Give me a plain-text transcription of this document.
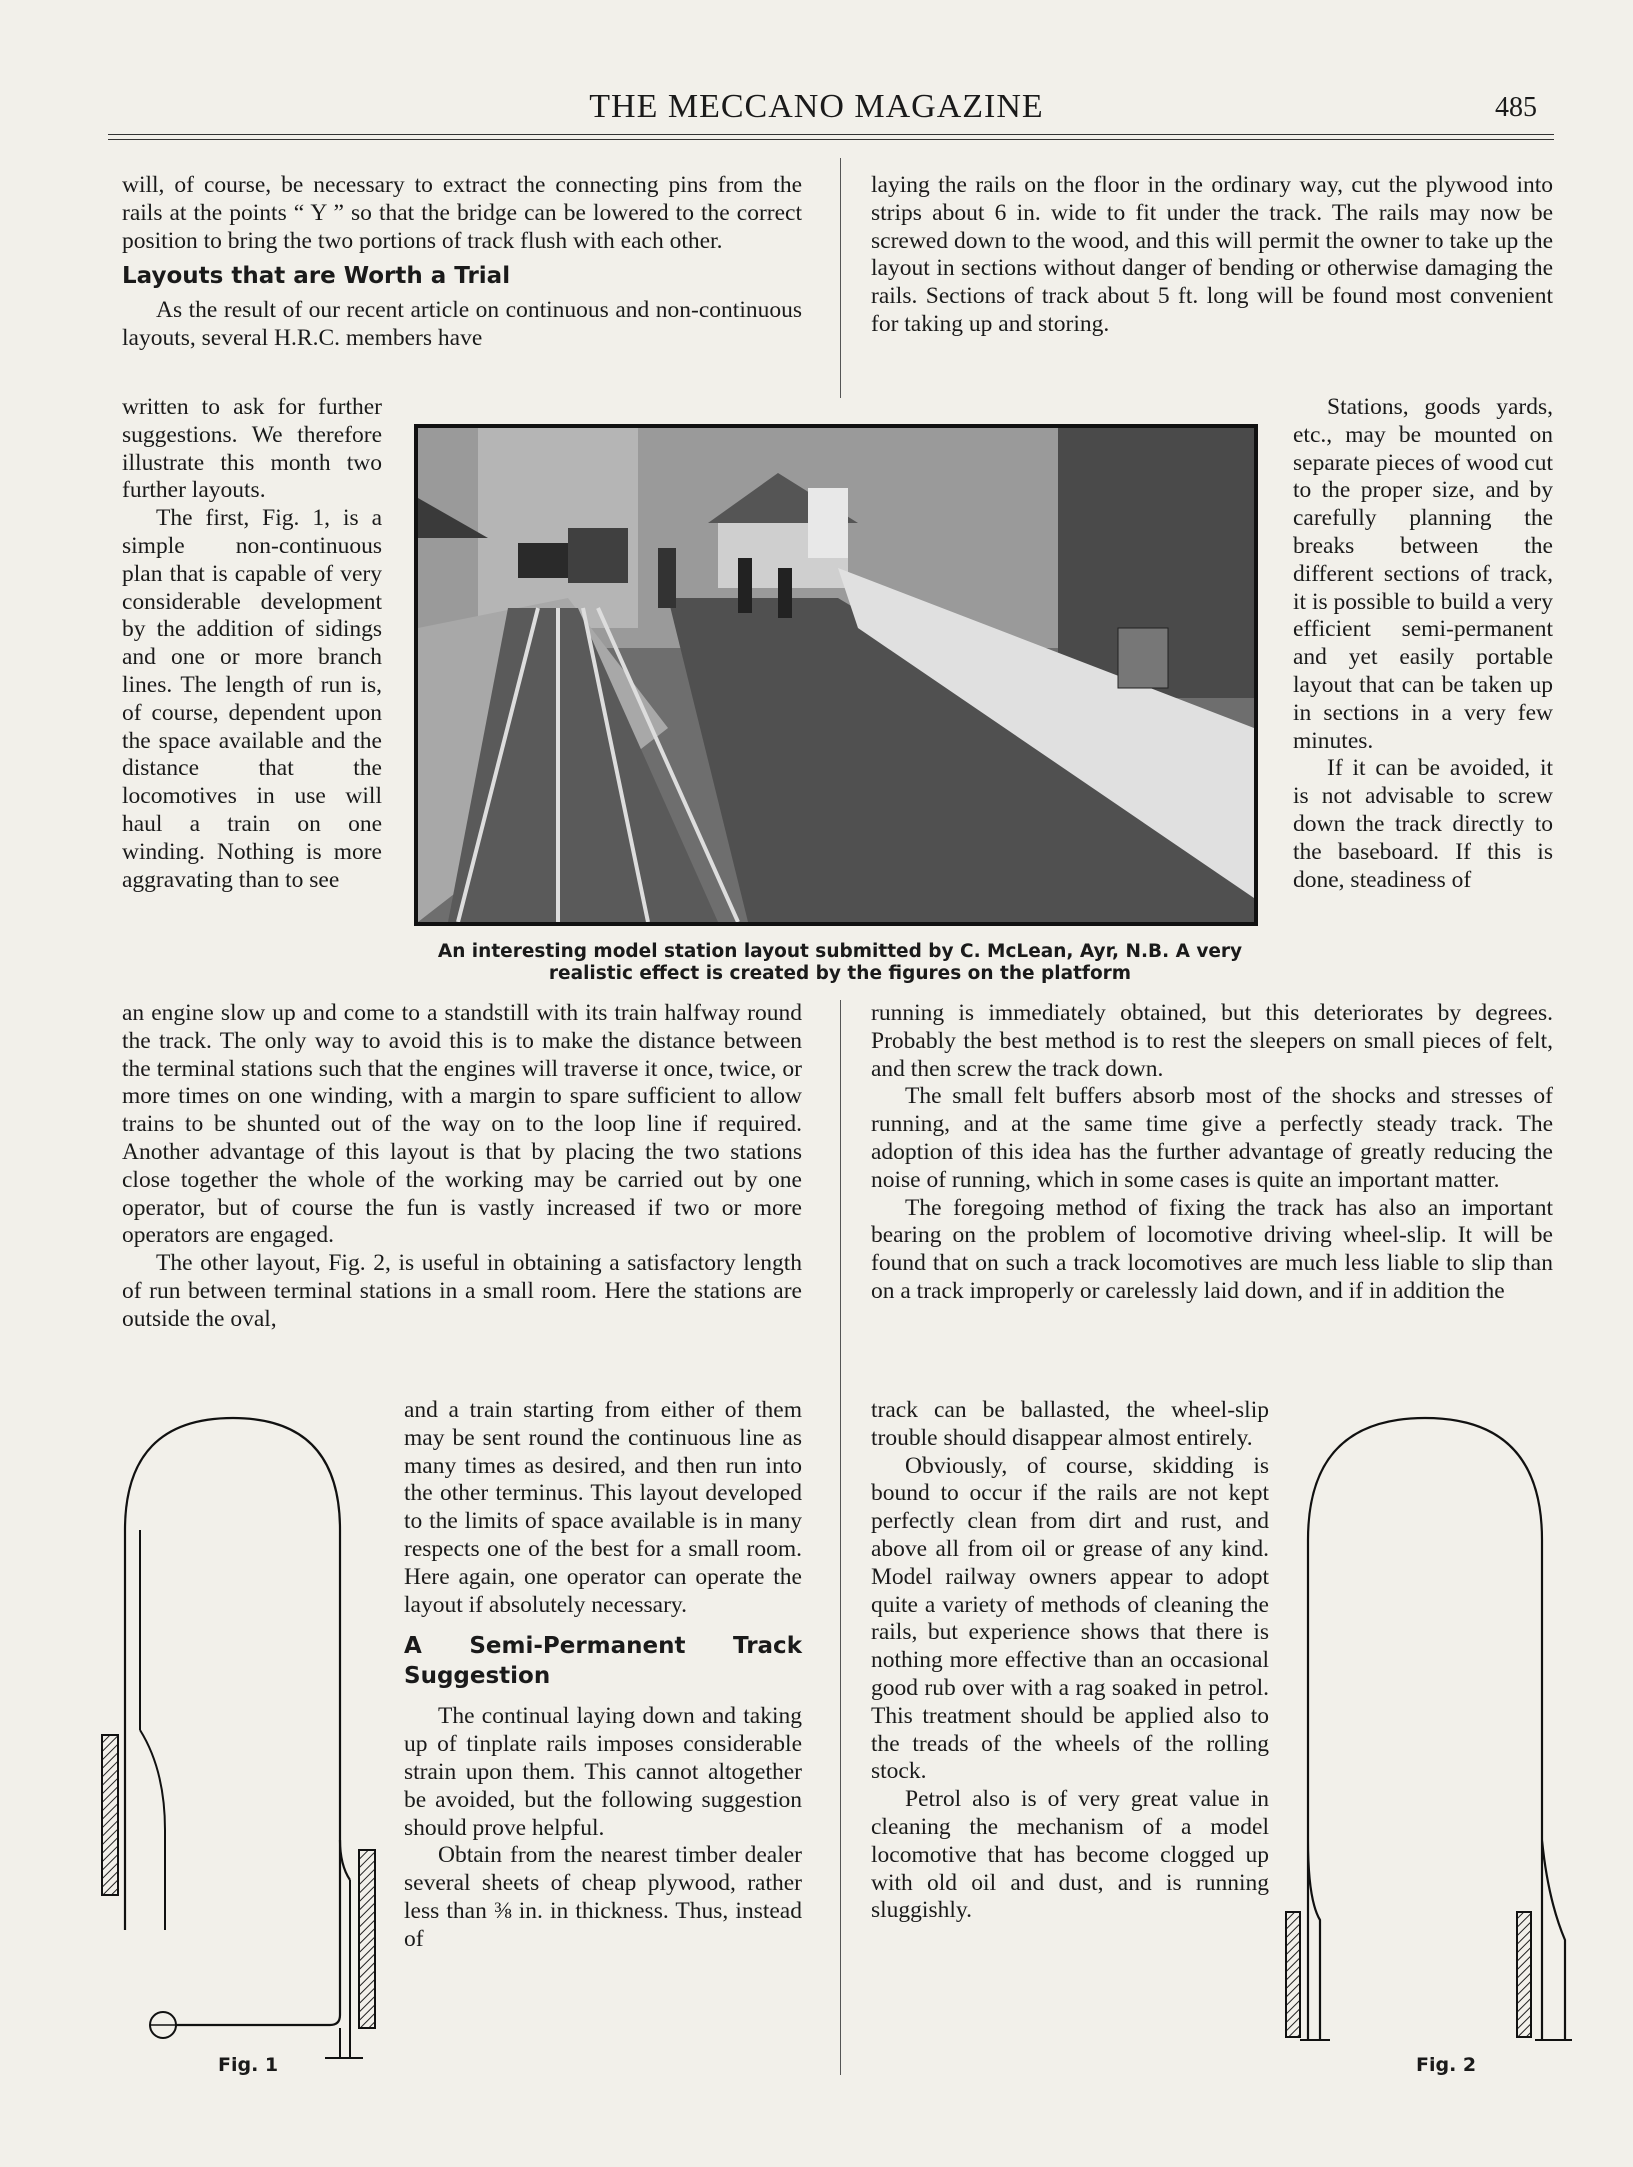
THE MECCANO MAGAZINE	485

will, of course, be necessary to extract the connecting pins from the rails at the points “ Y ” so that the bridge can be lowered to the correct position to bring the two portions of track flush with each other.

Layouts that are Worth a Trial

As the result of our recent article on continuous and non-continuous layouts, several H.R.C. members have

written to ask for further suggestions. We therefore illustrate this month two further layouts.

The first, Fig. 1, is a simple non-continuous plan that is capable of very considerable development by the addition of sidings and one or more branch lines. The length of run is, of course, dependent upon the space available and the distance that the locomotives in use will haul a train on one winding. Nothing is more aggravating than to see

an engine slow up and come to a standstill with its train halfway round the track. The only way to avoid this is to make the distance between the terminal stations such that the engines will traverse it once, twice, or more times on one winding, with a margin to spare sufficient to allow trains to be shunted out of the way on to the loop line if required. Another advantage of this layout is that by placing the two stations close together the whole of the working may be carried out by one operator, but of course the fun is vastly increased if two or more operators are engaged.

The other layout, Fig. 2, is useful in obtaining a satisfactory length of run between terminal stations in a small room. Here the stations are outside the oval,

and a train starting from either of them may be sent round the continuous line as many times as desired, and then run into the other terminus. This layout developed to the limits of space available is in many respects one of the best for a small room. Here again, one operator can operate the layout if absolutely necessary.

A Semi-Permanent Track Suggestion

The continual laying down and taking up of tinplate rails imposes considerable strain upon them. This cannot altogether be avoided, but the following suggestion should prove helpful.

Obtain from the nearest timber dealer several sheets of cheap plywood, rather less than ⅜ in. in thickness. Thus, instead of

laying the rails on the floor in the ordinary way, cut the plywood into strips about 6 in. wide to fit under the track. The rails may now be screwed down to the wood, and this will permit the owner to take up the layout in sections without danger of bending or otherwise damaging the rails. Sections of track about 5 ft. long will be found most convenient for taking up and storing.

Stations, goods yards, etc., may be mounted on separate pieces of wood cut to the proper size, and by carefully planning the breaks between the different sections of track, it is possible to build a very efficient semi-permanent and yet easily portable layout that can be taken up in sections in a very few minutes.

If it can be avoided, it is not advisable to screw down the track directly to the baseboard. If this is done, steadiness of

running is immediately obtained, but this deteriorates by degrees. Probably the best method is to rest the sleepers on small pieces of felt, and then screw the track down.

The small felt buffers absorb most of the shocks and stresses of running, and at the same time give a perfectly steady track. The adoption of this idea has the further advantage of greatly reducing the noise of running, which in some cases is quite an important matter.

The foregoing method of fixing the track has also an important bearing on the problem of locomotive driving wheel-slip. It will be found that on such a track locomotives are much less liable to slip than on a track improperly or carelessly laid down, and if in addition the

track can be ballasted, the wheel-slip trouble should disappear almost entirely.

Obviously, of course, skidding is bound to occur if the rails are not kept perfectly clean from dirt and rust, and above all from oil or grease of any kind. Model railway owners appear to adopt quite a variety of methods of cleaning the rails, but experience shows that there is nothing more effective than an occasional good rub over with a rag soaked in petrol. This treatment should be applied also to the treads of the wheels of the rolling stock.

Petrol also is of very great value in cleaning the mechanism of a model locomotive that has become clogged up with old oil and dust, and is running sluggishly.

An interesting model station layout submitted by C. McLean, Ayr, N.B. A very
realistic effect is created by the figures on the platform
Fig. 1	Fig. 2
